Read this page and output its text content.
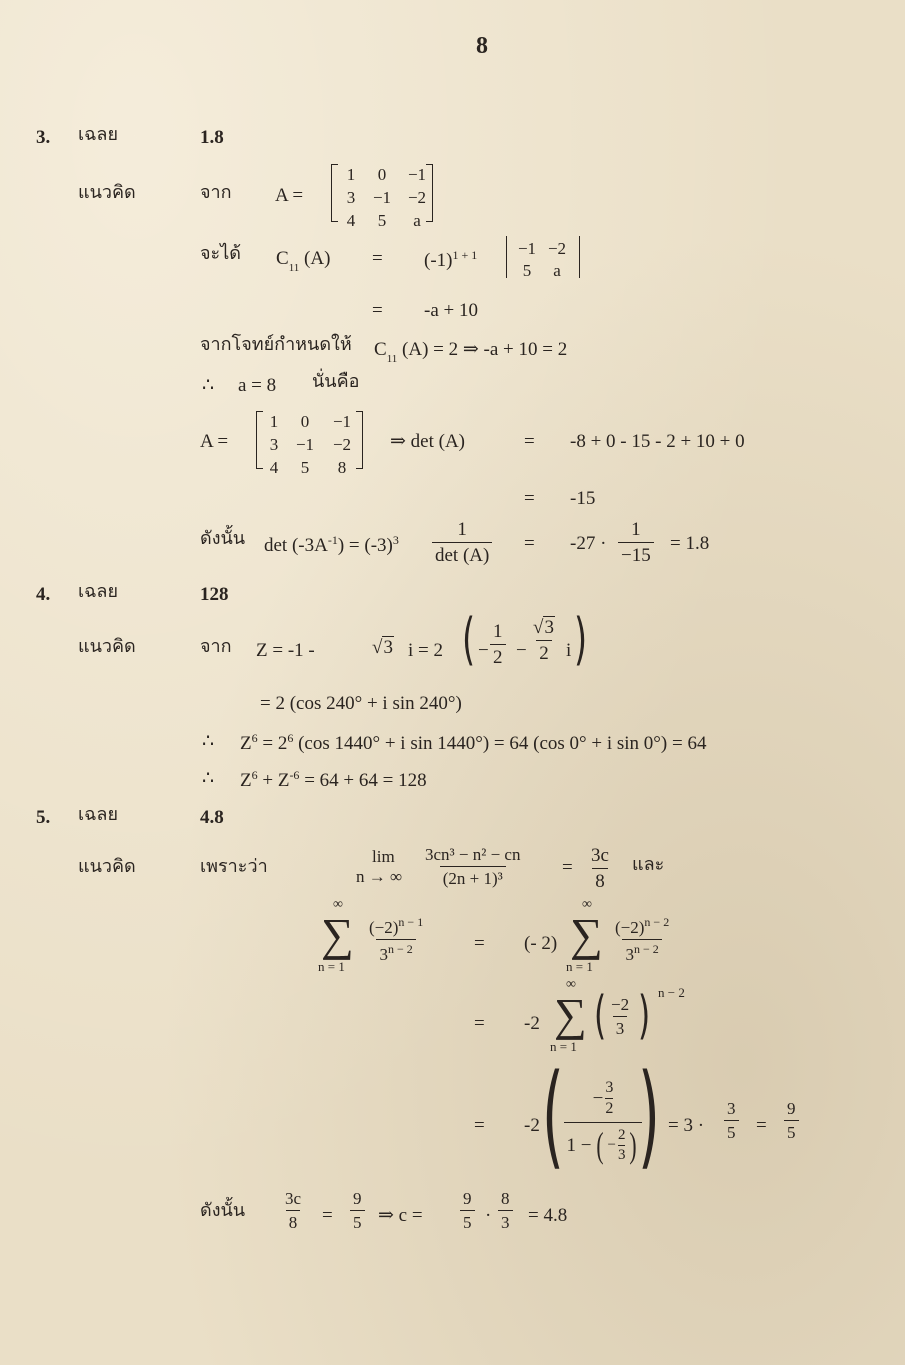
8
3. เฉลย	1.8
แนวคิด	จาก A =
1	0	−1
3	−1 −2
4	5	a
จะได้ $C_{11}$ $(A) = (-1)^{1 + 1}$	−1 −2
5	a
= -a + 10
จากโจทย์กำหนดให้ $C_{11}$ (A) = 2 ⇒ -a + 10 = 2
∴ a = 8 นั่นคือ
A =
1	0	−1
3	−1	−2
4	5	8
⇒ det (A)	= -8 + 0 - 15 - 2 + 10 + 0
= -15
ดังนั้น $\det (-3A^{-1}) = (-3)^3$	1
det (A)
= $-27 \cdot \frac{1}{-15} = 1.8$
4. เฉลย	128
แนวคิด	จาก Z = -1 -	√3 i = 2 ( − $\frac{1}{2} - \frac{√3}{2}$ i )
= 2 (cos 240° + i sin 240°)
∴ $Z^6 = 2^6$ (cos 1440° + i sin 1440°) = 64 (cos 0° + i sin 0°) = 64
∴ $Z^6 + Z^{-6} = 64 + 64 = 128$
5. เฉลย	4.8
แนวคิด	เพราะว่า	lim
n → ∞ $\frac{\text{3cn³ − n² − cn}}{\text{(2n + 1)³}} = \frac{3c}{8}$ และ
∞
∑
n = 1
$\frac{(-2)^{n - 1}}{3^{n - 2}}$	= (- 2)
∞
∑
n = 1
$\frac{(-2)^{n - 2}}{3^{n - 2}}$
= -2
∞
∑
n = 1
( $\frac{-2}{3}$ ) n − 2
= -2 ( $\frac{- \frac{3}{2}}{1 - ( - \frac{2}{3} )}$
) = $3 \cdot \frac{3}{5} = \frac{9}{5}$
ดังนั้น $\frac{3c}{8} = \frac{9}{5}$ ⇒ $c = \frac{9}{5} \cdot \frac{8}{3} = 4.8$
